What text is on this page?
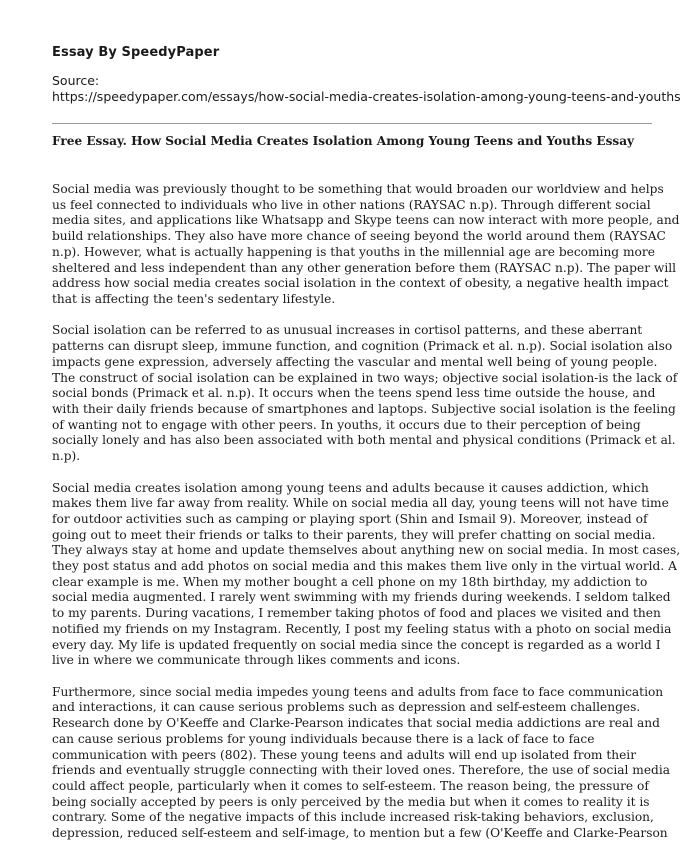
Essay By SpeedyPaper
Source:
https://speedypaper.com/essays/how-social-media-creates-isolation-among-young-teens-and-youths
Free Essay. How Social Media Creates Isolation Among Young Teens and Youths Essay

Social media was previously thought to be something that would broaden our worldview and helps
us feel connected to individuals who live in other nations (RAYSAC n.p). Through different social
media sites, and applications like Whatsapp and Skype teens can now interact with more people, and
build relationships. They also have more chance of seeing beyond the world around them (RAYSAC
n.p). However, what is actually happening is that youths in the millennial age are becoming more
sheltered and less independent than any other generation before them (RAYSAC n.p). The paper will
address how social media creates social isolation in the context of obesity, a negative health impact
that is affecting the teen's sedentary lifestyle.

Social isolation can be referred to as unusual increases in cortisol patterns, and these aberrant
patterns can disrupt sleep, immune function, and cognition (Primack et al. n.p). Social isolation also
impacts gene expression, adversely affecting the vascular and mental well being of young people.
The construct of social isolation can be explained in two ways; objective social isolation-is the lack of
social bonds (Primack et al. n.p). It occurs when the teens spend less time outside the house, and
with their daily friends because of smartphones and laptops. Subjective social isolation is the feeling
of wanting not to engage with other peers. In youths, it occurs due to their perception of being
socially lonely and has also been associated with both mental and physical conditions (Primack et al.
n.p).

Social media creates isolation among young teens and adults because it causes addiction, which
makes them live far away from reality. While on social media all day, young teens will not have time
for outdoor activities such as camping or playing sport (Shin and Ismail 9). Moreover, instead of
going out to meet their friends or talks to their parents, they will prefer chatting on social media.
They always stay at home and update themselves about anything new on social media. In most cases,
they post status and add photos on social media and this makes them live only in the virtual world. A
clear example is me. When my mother bought a cell phone on my 18th birthday, my addiction to
social media augmented. I rarely went swimming with my friends during weekends. I seldom talked
to my parents. During vacations, I remember taking photos of food and places we visited and then
notified my friends on my Instagram. Recently, I post my feeling status with a photo on social media
every day. My life is updated frequently on social media since the concept is regarded as a world I
live in where we communicate through likes comments and icons.

Furthermore, since social media impedes young teens and adults from face to face communication
and interactions, it can cause serious problems such as depression and self-esteem challenges.
Research done by O'Keeffe and Clarke-Pearson indicates that social media addictions are real and
can cause serious problems for young individuals because there is a lack of face to face
communication with peers (802). These young teens and adults will end up isolated from their
friends and eventually struggle connecting with their loved ones. Therefore, the use of social media
could affect people, particularly when it comes to self-esteem. The reason being, the pressure of
being socially accepted by peers is only perceived by the media but when it comes to reality it is
contrary. Some of the negative impacts of this include increased risk-taking behaviors, exclusion,
depression, reduced self-esteem and self-image, to mention but a few (O'Keeffe and Clarke-Pearson
